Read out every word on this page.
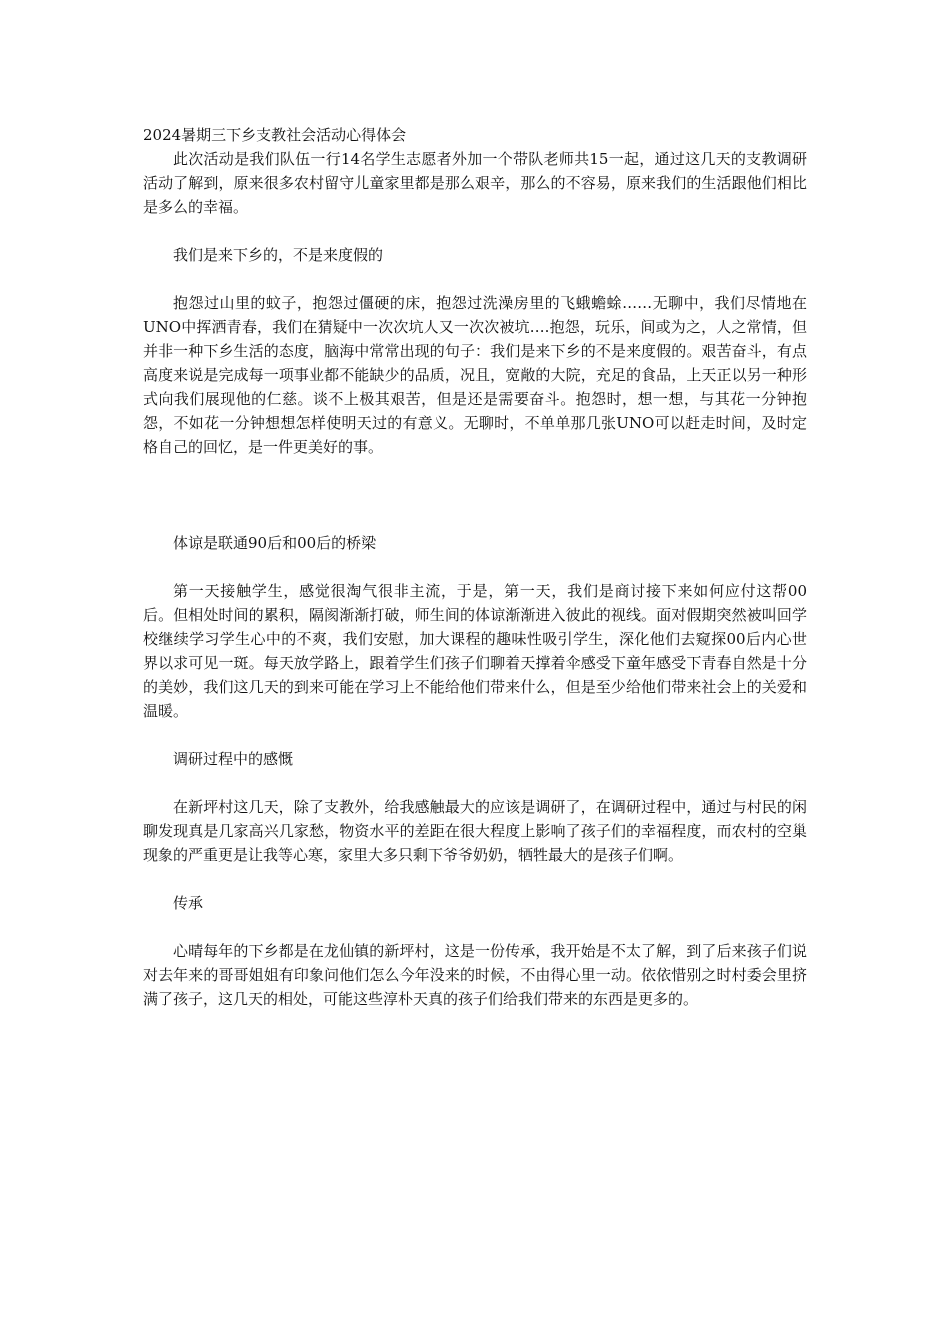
2024暑期三下乡支教社会活动心得体会

此次活动是我们队伍一行14名学生志愿者外加一个带队老师共15一起，通过这几天的支教调研活动了解到，原来很多农村留守儿童家里都是那么艰辛，那么的不容易，原来我们的生活跟他们相比是多么的幸福。

我们是来下乡的，不是来度假的

抱怨过山里的蚊子，抱怨过僵硬的床，抱怨过洗澡房里的飞蛾蟾蜍……无聊中，我们尽情地在UNO中挥洒青春，我们在猜疑中一次次坑人又一次次被坑….抱怨，玩乐，间或为之，人之常情，但并非一种下乡生活的态度，脑海中常常出现的句子：我们是来下乡的不是来度假的。艰苦奋斗，有点高度来说是完成每一项事业都不能缺少的品质，况且，宽敞的大院，充足的食品，上天正以另一种形式向我们展现他的仁慈。谈不上极其艰苦，但是还是需要奋斗。抱怨时，想一想，与其花一分钟抱怨，不如花一分钟想想怎样使明天过的有意义。无聊时，不单单那几张UNO可以赶走时间，及时定格自己的回忆，是一件更美好的事。

体谅是联通90后和00后的桥梁

第一天接触学生，感觉很淘气很非主流，于是，第一天，我们是商讨接下来如何应付这帮00后。但相处时间的累积，隔阂渐渐打破，师生间的体谅渐渐进入彼此的视线。面对假期突然被叫回学校继续学习学生心中的不爽，我们安慰，加大课程的趣味性吸引学生，深化他们去窥探00后内心世界以求可见一斑。每天放学路上，跟着学生们孩子们聊着天撑着伞感受下童年感受下青春自然是十分的美妙，我们这几天的到来可能在学习上不能给他们带来什么，但是至少给他们带来社会上的关爱和温暖。

调研过程中的感慨

在新坪村这几天，除了支教外，给我感触最大的应该是调研了，在调研过程中，通过与村民的闲聊发现真是几家高兴几家愁，物资水平的差距在很大程度上影响了孩子们的幸福程度，而农村的空巢现象的严重更是让我等心寒，家里大多只剩下爷爷奶奶，牺牲最大的是孩子们啊。

传承

心晴每年的下乡都是在龙仙镇的新坪村，这是一份传承，我开始是不太了解，到了后来孩子们说对去年来的哥哥姐姐有印象问他们怎么今年没来的时候，不由得心里一动。依依惜别之时村委会里挤满了孩子，这几天的相处，可能这些淳朴天真的孩子们给我们带来的东西是更多的。
